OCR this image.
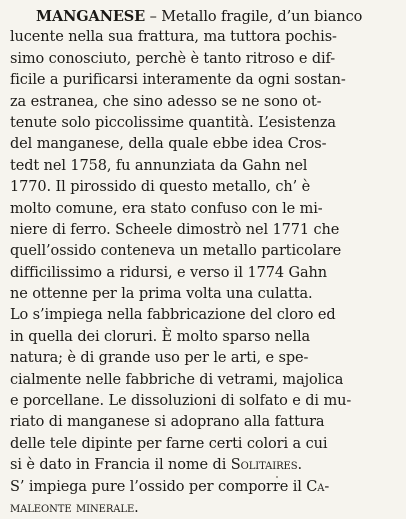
MANGANESE – Metallo fragile, d’un bianco
lucente nella sua frattura, ma tuttora pochis-
simo conosciuto, perchè è tanto ritroso e dif-
ficile a purificarsi interamente da ogni sostan-
za estranea, che sino adesso se ne sono ot-
tenute solo piccolissime quantità. L’esistenza
del manganese, della quale ebbe idea Cros-
tedt nel 1758, fu annunziata da Gahn nel
1770. Il pirossido di questo metallo, ch’ è
molto comune, era stato confuso con le mi-
niere di ferro. Scheele dimostrò nel 1771 che
quell’ossido conteneva un metallo particolare
difficilissimo a ridursi, e verso il 1774 Gahn
ne ottenne per la prima volta una culatta.
Lo s’impiega nella fabbricazione del cloro ed
in quella dei cloruri. È molto sparso nella
natura; è di grande uso per le arti, e spe-
cialmente nelle fabbriche di vetrami, majolica
e porcellane. Le dissoluzioni di solfato e di mu-
riato di manganese si adoprano alla fattura
delle tele dipinte per farne certi colori a cui
si è dato in Francia il nome di Solitaires.
S’ impiega pure l’ossido per comporre il Ca-
maleonte minerale.
